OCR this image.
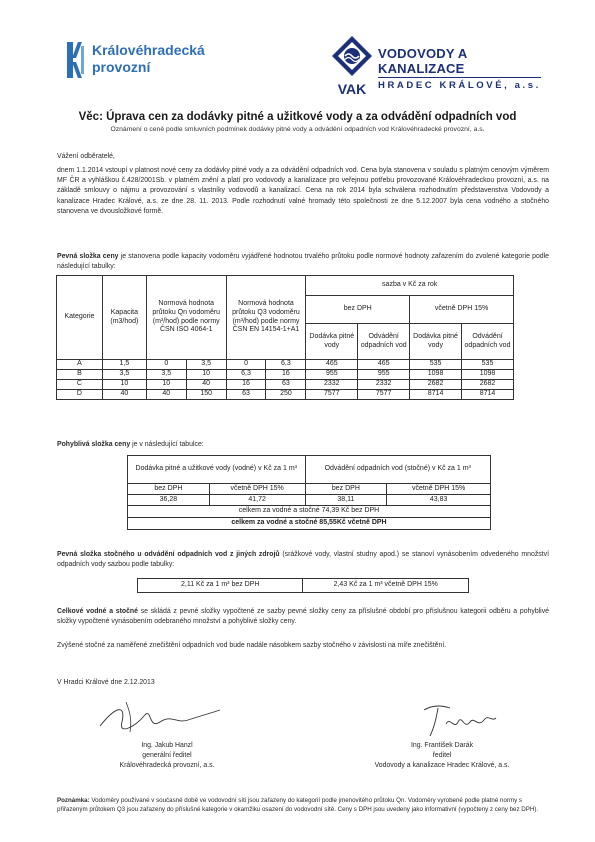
Královéhradecká
provozní
VAK
VODOVODY A KANALIZACE
HRADEC KRÁLOVÉ, a.s.
Věc: Úprava cen za dodávky pitné a užitkové vody a za odvádění odpadních vod
Oznámení o ceně podle smluvních podmínek dodávky pitné vody a odvádění odpadních vod Královéhradecké provozní, a.s.
Vážení odběratelé,
dnem 1.1.2014 vstoupí v platnost nové ceny za dodávky pitné vody a za odvádění odpadních vod. Cena byla stanovena v souladu s platným cenovým výměrem MF ČR a vyhláškou č.428/2001Sb. v platném znění a platí pro vodovody a kanalizace pro veřejnou potřebu provozované Královéhradeckou provozní, a.s. na základě smlouvy o nájmu a provozování s vlastníky vodovodů a kanalizací. Cena na rok 2014 byla schválena rozhodnutím představenstva Vodovody a kanalizace Hradec Králové, a.s. ze dne 28. 11. 2013. Podle rozhodnutí valné hromady této společnosti ze dne 5.12.2007 byla cena vodného a stočného stanovena ve dvousložkové formě.
Pevná složka ceny je stanovena podle kapacity vodoměru vyjádřené hodnotou trvalého průtoku podle normové hodnoty zařazením do zvolené kategorie podle následující tabulky:
Kategorie	Kapacita (m3/hod)	Normová hodnota průtoku Qn vodoměru (m³/hod) podle normy ČSN ISO 4064-1		Normová hodnota průtoku Q3 vodoměru (m³/hod) podle normy ČSN EN 14154-1+A1		sazba v Kč za rok			
						bez DPH		včetně DPH 15%	
						Dodávka pitné vody	Odvádění odpadních vod	Dodávka pitné vody	Odvádění odpadních vod
A	1,5	0	3,5	0	6,3	465	465	535	535
B	3,5	3,5	10	6,3	16	955	955	1098	1098
C	10	10	40	16	63	2332	2332	2682	2682
D	40	40	150	63	250	7577	7577	8714	8714
Pohyblivá složka ceny je v následující tabulce:
Dodávka pitné a užitkové vody (vodné) v Kč za 1 m³		Odvádění odpadních vod (stočné) v Kč za 1 m³	
bez DPH	včetně DPH 15%	bez DPH	včetně DPH 15%
36,28	41,72	38,11	43,83
celkem za vodné a stočné 74,39 Kč bez DPH			
celkem za vodné a stočné 85,55Kč včetně DPH			
Pevná složka stočného u odvádění odpadních vod z jiných zdrojů (srážkové vody, vlastní studny apod.) se stanoví vynásobením odvedeného množství odpadních vody sazbou podle tabulky:
2,11 Kč za 1 m³ bez DPH	2,43 Kč za 1 m³ včetně DPH 15%
Celkové vodné a stočné se skládá z pevné složky vypočtené ze sazby pevné složky ceny za příslušné období pro příslušnou kategorii odběru a pohyblivé složky vypočtené vynásobením odebraného množství a pohyblivé složky ceny.
Zvýšené stočné za naměřené znečištění odpadních vod bude nadále násobkem sazby stočného v závislosti na míře znečištění.
V Hradci Králové dne 2.12.2013
Ing. Jakub Hanzl
generální ředitel
Královéhradecká provozní, a.s.
Ing. František Darák
ředitel
Vodovody a kanalizace Hradec Králové, a.s.
Poznámka: Vodoměry používané v současné době ve vodovodní síti jsou zařazeny do kategorií podle jmenovitého průtoku Qn. Vodoměry vyrobené podle platné normy s přiřazeným průtokem Q3 jsou zařazeny do příslušné kategorie v okamžiku osazení do vodovodní sítě. Ceny s DPH jsou uvedeny jako informativní (vypočteny z ceny bez DPH).
